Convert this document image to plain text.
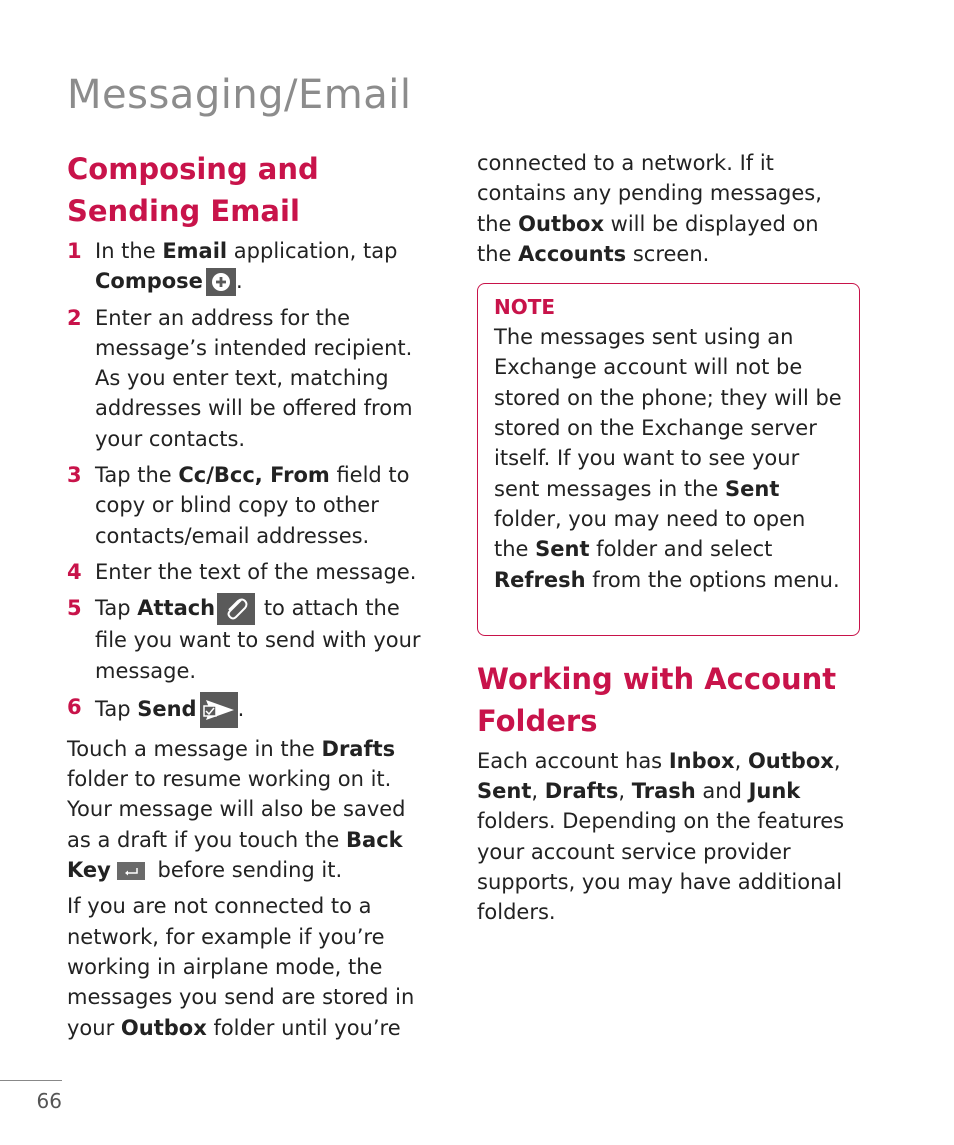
Messaging/Email
Composing and Sending Email
1 In the Email application, tap Compose .
2 Enter an address for the message’s intended recipient. As you enter text, matching addresses will be offered from your contacts.
3 Tap the Cc/Bcc, From field to copy or blind copy to other contacts/email addresses.
4 Enter the text of the message.
5 Tap Attach
to attach the file you want to send with your message.
6 Tap Send .

Touch a message in the Drafts folder to resume working on it. Your message will also be saved as a draft if you touch the Back Key
before sending it.

If you are not connected to a network, for example if you’re working in airplane mode, the messages you send are stored in your Outbox folder until you’re

connected to a network. If it contains any pending messages, the Outbox will be displayed on the Accounts screen.

NOTE

The messages sent using an Exchange account will not be stored on the phone; they will be stored on the Exchange server itself. If you want to see your sent messages in the Sent folder, you may need to open the Sent folder and select Refresh from the options menu.

Working with Account Folders

Each account has Inbox, Outbox, Sent, Drafts, Trash and Junk folders. Depending on the features your account service provider supports, you may have additional folders.

66
